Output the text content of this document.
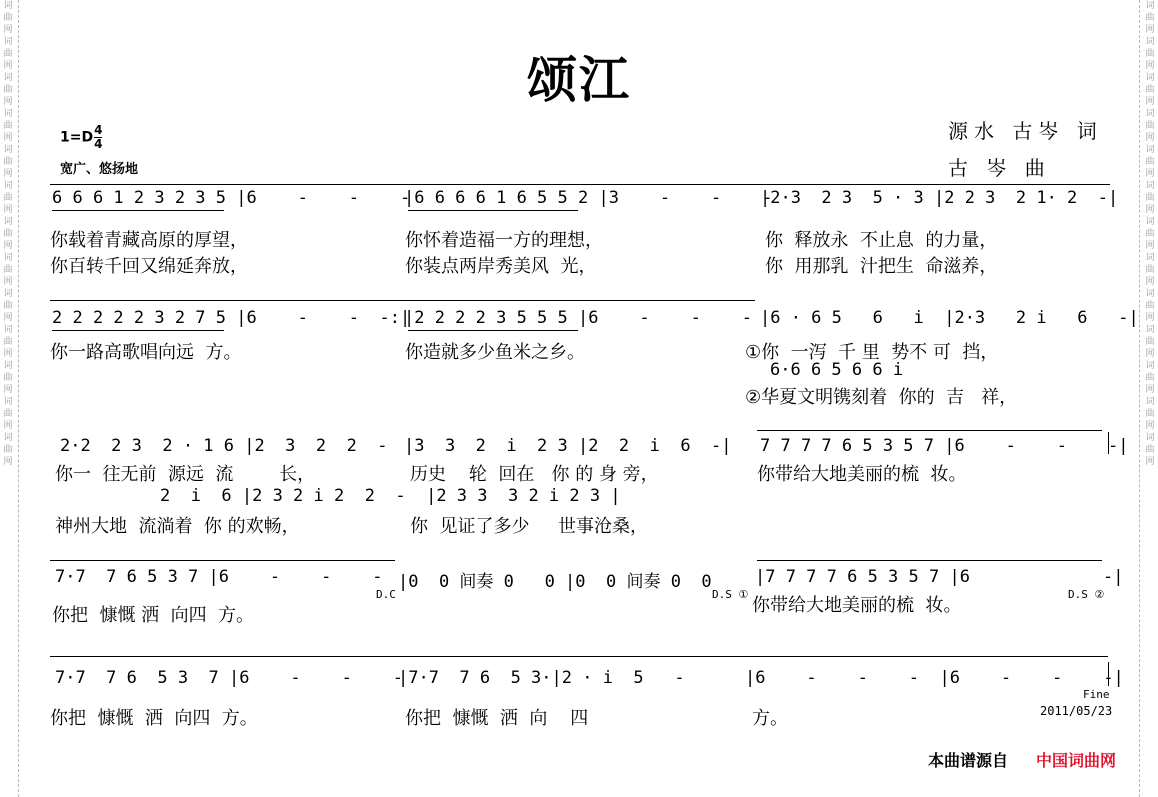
词曲网词曲网词曲网词曲网词曲网词曲网词曲网词曲网词曲网词曲网词曲网词曲网词曲网
词曲网词曲网词曲网词曲网词曲网词曲网词曲网词曲网词曲网词曲网词曲网词曲网词曲网
颂江
$1=D \frac{4}{4}$
宽广、悠扬地
源水 古岑 词
古 岑 曲
6 6 6 1 2 3 2 3 5 |6    -    -    -
|6 6 6 6 1 6 5 5 2 |3    -    -    -
|2·3  2 3  5 · 3 |2 2 3  2 1· 2  -|
你载着青藏高原的厚望，	你怀着造福一方的理想，	你  释放永  不止息  的力量，
你百转千回又绵延奔放，	你装点两岸秀美风  光，	你  用那乳  汁把生  命滋养，
2 2 2 2 2 3 2 7 5 |6    -    -  -:|
|2 2 2 2 3 5 5 5 |6    -    -    - |6 · 6 5   6   i  |2·3   2 i   6   -|
你一路高歌唱向远  方。	你造就多少鱼米之乡。	①你  一泻  千 里  势不 可  挡，
6·6 6 5 6 6 i
②华夏文明镌刻着  你的  吉   祥，
2·2  2 3  2 · 1 6 |2  3  2  2  - |3  3  2  i  2 3 |2  2  i  6  -| 7 7 7 7 6 5 3 5 7 |6    -    -    -|
你一  往无前  源远  流        长，	历史    轮  回在   你 的 身 旁，	你带给大地美丽的梳  妆。
2  i  6 |2 3 2 i 2  2  -  |2 3 3  3 2 i 2 3 |
神州大地  流淌着  你 的欢畅，	你  见证了多少     世事沧桑，
7·7  7 6 5 3 7 |6    -    -    - |0  0 间奏 0   0 |0  0 间奏 0  0	|7 7 7 7 6 5 3 5 7 |6             -|
D.C	D.S ①	D.S ②
你把  慷慨 洒  向四  方。	你带给大地美丽的梳  妆。
7·7  7 6  5 3  7 |6    -    -    -
|7·7  7 6  5 3·|2 · i  5   -	|6    -    -    -  |6    -    -    -|
Fine
2011/05/23
你把  慷慨  洒  向四  方。	你把  慷慨  洒  向    四	方。
本曲谱源自 中国词曲网
